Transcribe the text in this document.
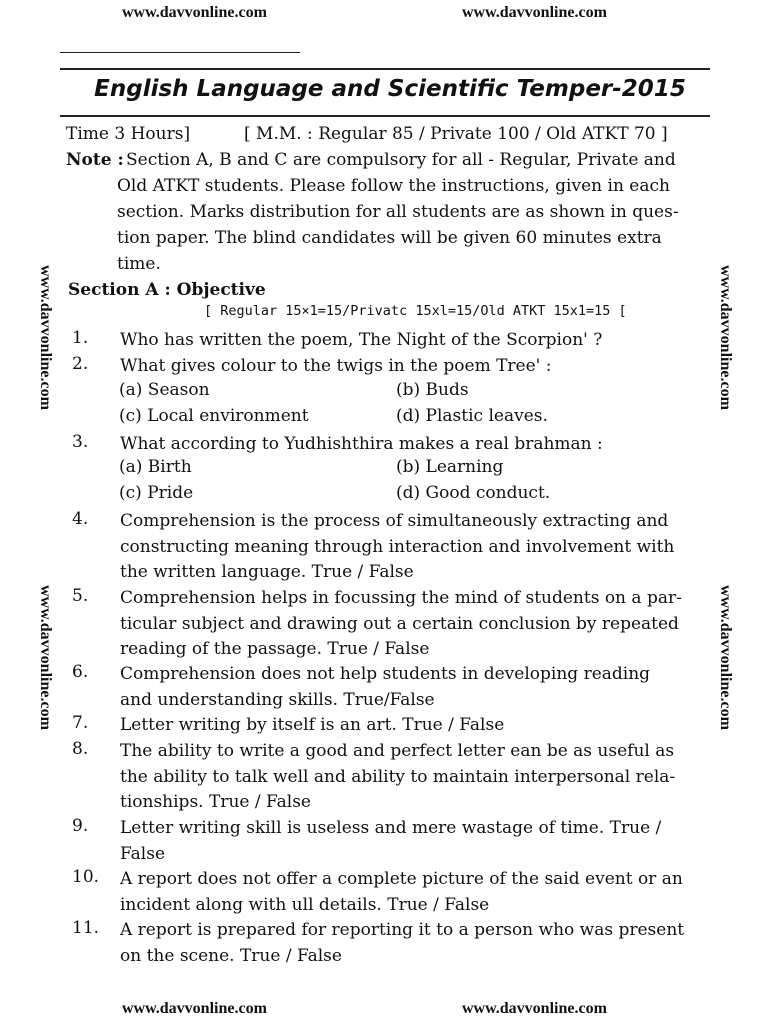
www.davvonline.com	www.davvonline.com
English Language and Scientific Temper-2015
www.davvonline.com
www.davvonline.com
www.davvonline.com
www.davvonline.com
Time 3 Hours]	[ M.M. : Regular 85 / Private 100 / Old ATKT 70 ]
Note : Section A, B and C are compulsory for all - Regular, Private and
Old ATKT students. Please follow the instructions, given in each
section. Marks distribution for all students are as shown in ques-
tion paper. The blind candidates will be given 60 minutes extra
time.
Section A : Objective
[ Regular 15×1=15/Privatc 15xl=15/Old ATKT 15x1=15 [
1. Who has written the poem, The Night of the Scorpion' ?
2. What gives colour to the twigs in the poem Tree' :
(a) Season	(b) Buds
(c) Local environment	(d) Plastic leaves.
3. What according to Yudhishthira makes a real brahman :
(a) Birth	(b) Learning
(c) Pride	(d) Good conduct.
4. Comprehension is the process of simultaneously extracting and
constructing meaning through interaction and involvement with
the written language. True / False
5. Comprehension helps in focussing the mind of students on a par-
ticular subject and drawing out a certain conclusion by repeated
reading of the passage. True / False
6. Comprehension does not help students in developing reading
and understanding skills. True/False
7. Letter writing by itself is an art. True / False
8. The ability to write a good and perfect letter ean be as useful as
the ability to talk well and ability to maintain interpersonal rela-
tionships. True / False
9. Letter writing skill is useless and mere wastage of time. True /
False
10. A report does not offer a complete picture of the said event or an
incident along with ull details. True / False
11. A report is prepared for reporting it to a person who was present
on the scene. True / False
www.davvonline.com	www.davvonline.com
